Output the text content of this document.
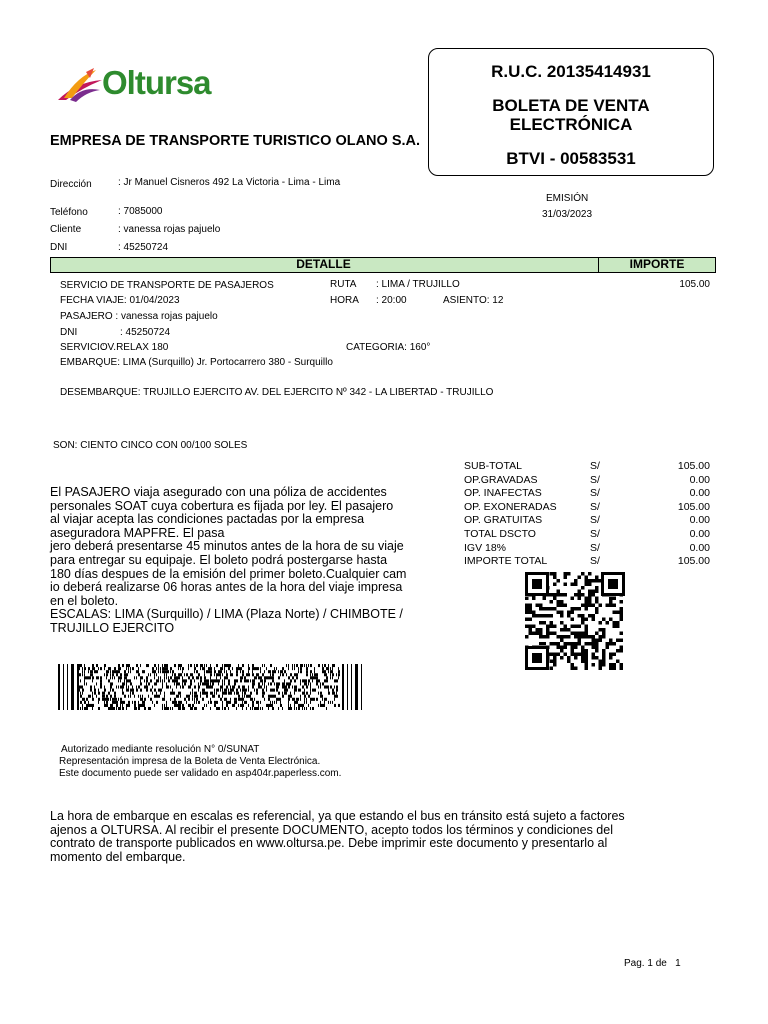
Oltursa
EMPRESA DE TRANSPORTE TURISTICO OLANO S.A.
R.U.C. 20135414931
BOLETA DE VENTA
ELECTRÓNICA
BTVI - 00583531
Dirección	: Jr Manuel Cisneros 492 La Victoria - Lima - Lima
Teléfono	: 7085000
Cliente	: vanessa rojas pajuelo
DNI	: 45250724
EMISIÓN
31/03/2023
DETALLE	IMPORTE
SERVICIO DE TRANSPORTE DE PASAJEROS	RUTA : LIMA / TRUJILLO	105.00
FECHA VIAJE: 01/04/2023	HORA : 20:00	ASIENTO: 12
PASAJERO : vanessa rojas pajuelo
DNI	: 45250724
SERVICIO
: V.RELAX 180	CATEGORIA: 160°
EMBARQUE: LIMA (Surquillo) Jr. Portocarrero 380 - Surquillo
DESEMBARQUE: TRUJILLO EJERCITO AV. DEL EJERCITO Nº 342 - LA LIBERTAD - TRUJILLO
SON: CIENTO CINCO CON 00/100 SOLES
SUB-TOTAL	S/	105.00
OP.GRAVADAS	S/	0.00
OP. INAFECTAS	S/	0.00
OP. EXONERADAS	S/	105.00
OP. GRATUITAS	S/	0.00
TOTAL DSCTO	S/	0.00
IGV 18%	S/	0.00
IMPORTE TOTAL	S/	105.00
El PASAJERO viaja asegurado con una póliza de accidentes
personales SOAT cuya cobertura es fijada por ley. El pasajero
al viajar acepta las condiciones pactadas por la empresa
aseguradora MAPFRE. El pasa
jero deberá presentarse 45 minutos antes de la hora de su viaje
para entregar su equipaje. El boleto podrá postergarse hasta
180 días despues de la emisión del primer boleto.Cualquier cam
io deberá realizarse 06 horas antes de la hora del viaje impresa
en el boleto.
ESCALAS: LIMA (Surquillo) / LIMA (Plaza Norte) / CHIMBOTE /
TRUJILLO EJERCITO
Autorizado mediante resolución N° 0/SUNAT
Representación impresa de la Boleta de Venta Electrónica.
Este documento puede ser validado en asp404r.paperless.com.
La hora de embarque en escalas es referencial, ya que estando el bus en tránsito está sujeto a factores
ajenos a OLTURSA. Al recibir el presente DOCUMENTO, acepto todos los términos y condiciones del
contrato de transporte publicados en www.oltursa.pe. Debe imprimir este documento y presentarlo al
momento del embarque.
Pag. 1 de   1
